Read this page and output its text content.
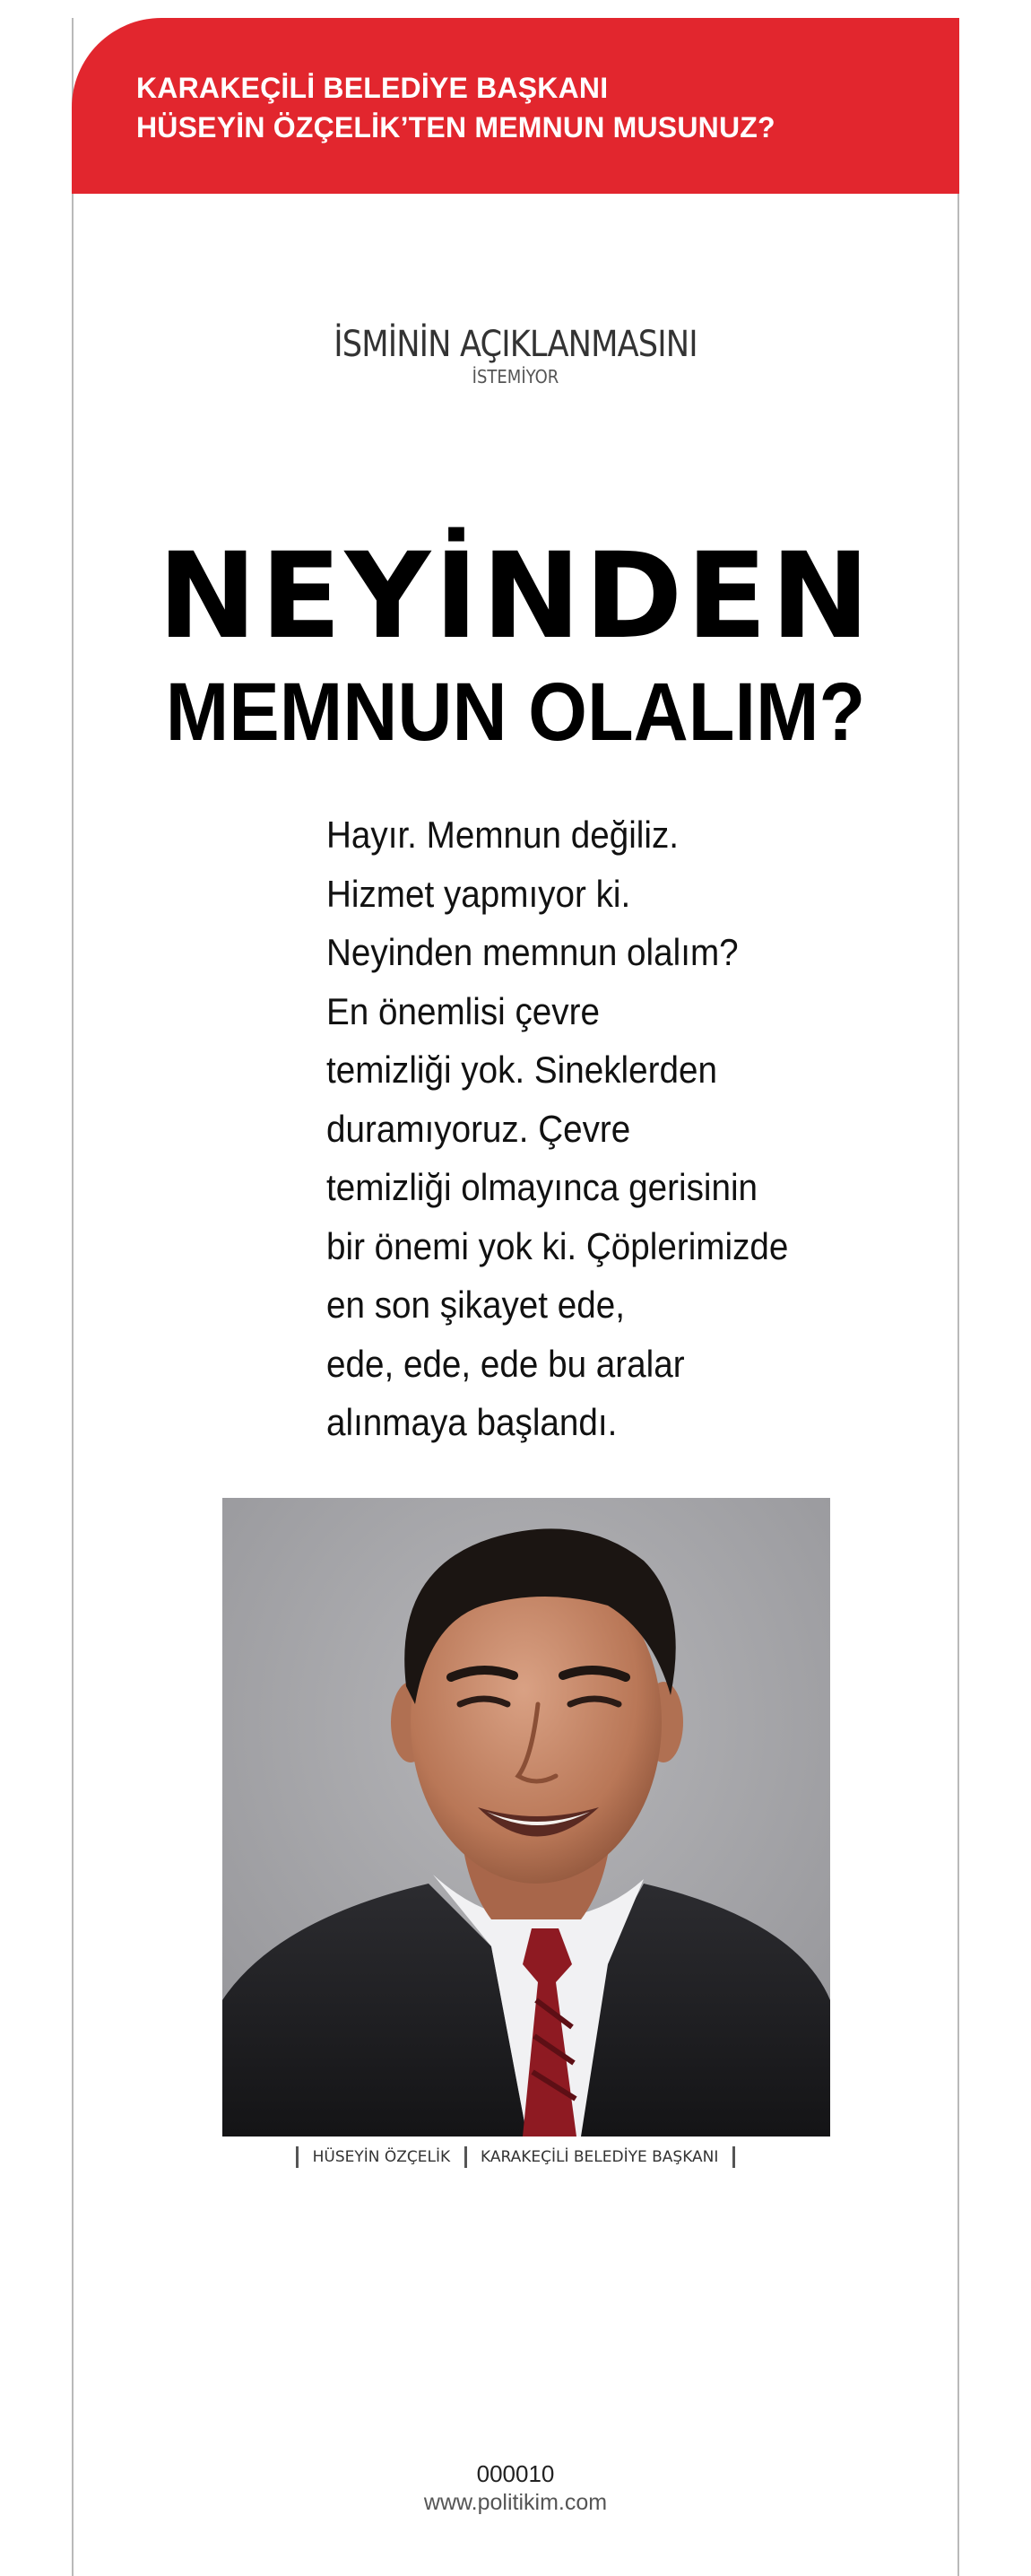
KARAKEÇİLİ BELEDİYE BAŞKANI
HÜSEYİN ÖZÇELİK’TEN MEMNUN MUSUNUZ?
İSMİNİN AÇIKLANMASINI
İSTEMİYOR
NEYİNDEN
MEMNUN OLALIM?
Hayır. Memnun değiliz.
Hizmet yapmıyor ki.
Neyinden memnun olalım?
En önemlisi çevre
temizliği yok. Sineklerden
duramıyoruz. Çevre
temizliği olmayınca gerisinin
bir önemi yok ki. Çöplerimizde
en son şikayet ede,
ede, ede, ede bu aralar
alınmaya başlandı.
HÜSEYİN ÖZÇELİK KARAKEÇİLİ BELEDİYE BAŞKANI
000010
www.politikim.com
